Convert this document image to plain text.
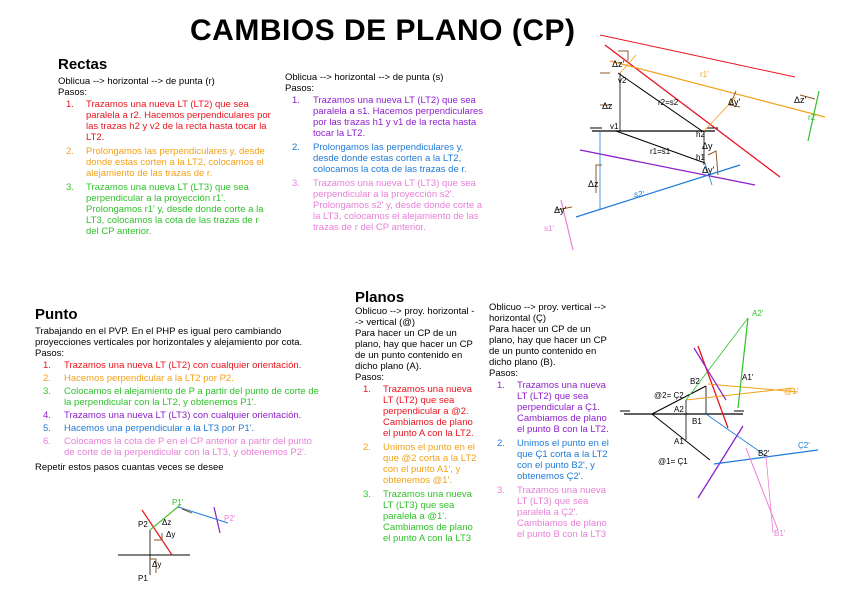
CAMBIOS DE PLANO (CP)
Rectas
Oblicua --> horizontal --> de punta (r)
Pasos:
1. Trazamos una nueva LT (LT2) que sea paralela a r2. Hacemos perpendiculares por las trazas h2 y v2 de la recta hasta tocar la LT2.
2. Prolongamos las perpendiculares y, desde donde estas corten a la LT2, colocamos el alejamiento de las trazas de r.
3. Trazamos una nueva LT (LT3) que sea perpendicular a la proyección r1'. Prolongamos r1' y, desde donde corte a la LT3, colocamos la cota de las trazas de r del CP anterior.
Oblicua --> horizontal --> de punta (s)
Pasos:
1. Trazamos una nueva LT (LT2) que sea paralela a s1. Hacemos perpendiculares por las trazas h1 y v1 de la recta hasta tocar la LT2.
2. Prolongamos las perpendiculares y, desde donde estas corten a la LT2, colocamos la cota de las trazas de r.
3. Trazamos una nueva LT (LT3) que sea perpendicular a la proyección s2'. Prolongamos s2' y, desde donde corte a la LT3, colocamos el alejamiento de las trazas de r del CP anterior.
Punto
Trabajando en el PVP. En el PHP es igual pero cambiando proyecciones verticales por horizontales y alejamiento por cota.
Pasos:
1. Trazamos una nueva LT (LT2) con cualquier orientación.
2. Hacemos perpendicular a la LT2 por P2.
3. Colocamos el alejamiento de P a partir del punto de corte de la perpendicular con la LT2, y obtenemos P1'.
4. Trazamos una nueva LT (LT3) con cualquier orientación.
5. Hacemos una perpendicular a la LT3 por P1'.
6. Colocamos la cota de P en el CP anterior a partir del punto de corte de la perpendicular con la LT3, y obtenemos P2'.
Repetir estos pasos cuantas veces se desee
Planos
Oblicuo --> proy. horizontal --> vertical (@)
Para hacer un CP de un plano, hay que hacer un CP de un punto contenido en dicho plano (A).
Pasos:
1. Trazamos una nueva LT (LT2) que sea perpendicular a @2. Cambiamos de plano el punto A con la LT2.
2. Unimos el punto en el que @2 corta a la LT2 con el punto A1', y obtenemos @1'.
3. Trazamos una nueva LT (LT3) que sea paralela a @1'. Cambiamos de plano el punto A con la LT3
Oblicuo --> proy. vertical --> horizontal (Ç)
Para hacer un CP de un plano, hay que hacer un CP de un punto contenido en dicho plano (B).
Pasos:
1. Trazamos una nueva LT (LT2) que sea perpendicular a Ç1. Cambiamos de plano el punto B con la LT2.
2. Unimos el punto en el que Ç1 corta a la LT2 con el punto B2', y obtenemos Ç2'.
3. Trazamos una nueva LT (LT3) que sea paralela a Ç2'. Cambiamos de plano el punto B con la LT3
Δz'
v2
Δz
r1'
r2=s2	Δy'	Δz'
r2'
v1
h2
r1=s1
Δy
h1
Δy'
Δz
s2'
Δy'
s1'
P1'
P2 Δz
Δy
P2'
Δy
P1
A2'
A1'
@1'
B2
@2= Ç2
A2
B1
A1
@1= Ç1
Ç2'
B2'
B1'
